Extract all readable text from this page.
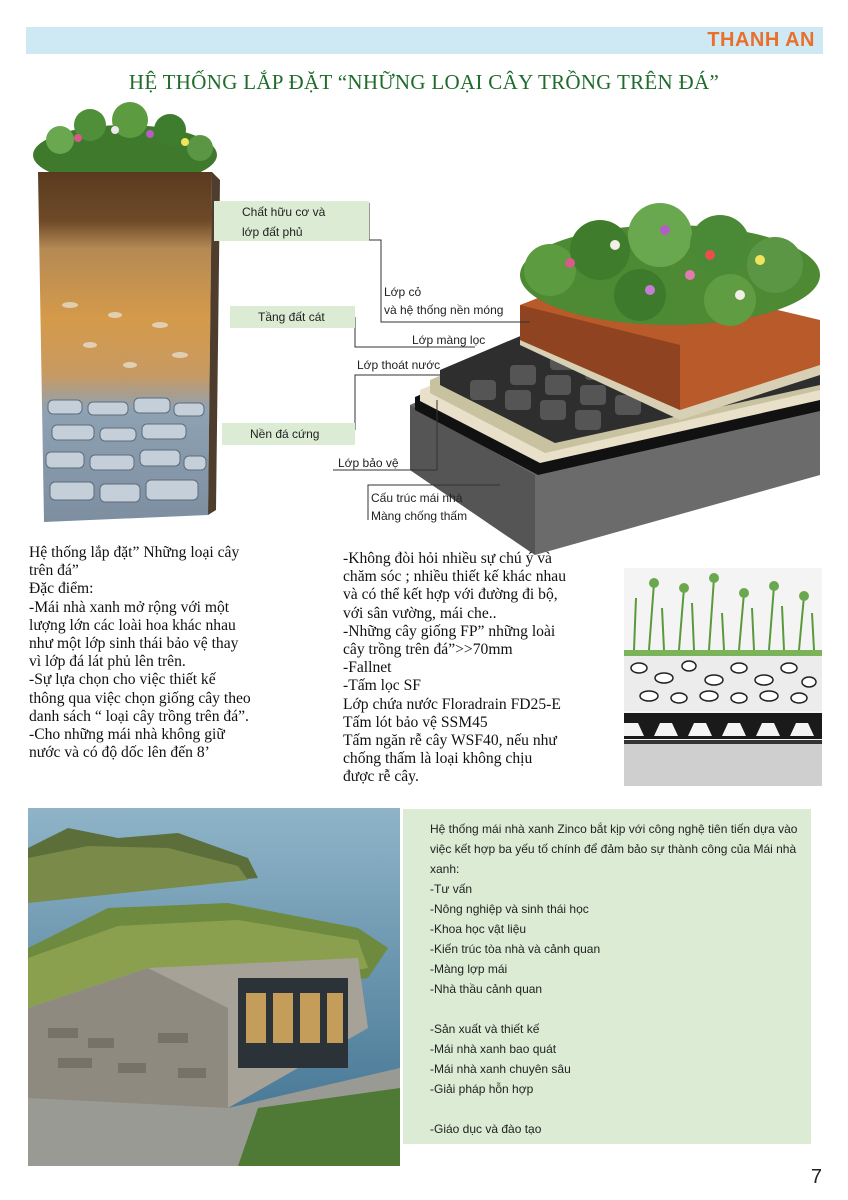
THANH AN
HỆ THỐNG LẮP ĐẶT “NHỮNG LOẠI CÂY TRỒNG TRÊN ĐÁ”
Chất hữu cơ và
lớp đất phủ
Tầng đất cát
Nền đá cứng
Lớp cỏ
và hệ thống nền móng
Lớp màng lọc
Lớp thoát nước
Lớp bảo vệ
Cấu trúc mái nhà
Màng chống thấm
Hệ thống lắp đặt” Những loại cây
trên đá”
Đặc điểm:
-Mái nhà xanh mở rộng với một
lượng lớn các loài hoa khác nhau
như một lớp sinh thái bảo vệ thay
vì lớp đá lát phủ lên trên.
-Sự lựa chọn cho việc thiết kế
thông qua việc chọn giống cây theo
danh sách “ loại cây trồng trên đá”.
-Cho những mái nhà không giữ
nước và có độ dốc lên đến 8’
-Không đòi hỏi nhiều sự chú ý và
chăm sóc ; nhiều thiết kế khác nhau
và có thể kết hợp với đường đi bộ,
với sân vường, mái che..
-Những cây giống FP” những loài
cây trồng trên đá”>>70mm
-Fallnet
-Tấm lọc SF
Lớp chứa nước Floradrain FD25-E
Tấm lót bảo vệ SSM45
Tấm ngăn rễ cây WSF40, nếu như
chống thấm là loại không chịu
được rễ cây.
Hệ thống mái nhà xanh Zinco bắt kịp với công nghệ tiên tiến dựa vào việc kết hợp ba yếu tố chính để đảm bảo sự thành công của Mái nhà xanh:
-Tư vấn
-Nông nghiệp và sinh thái học
-Khoa học vật liệu
-Kiến trúc tòa nhà và cảnh quan
-Màng lợp mái
-Nhà thầu cảnh quan
-Sản xuất và thiết kế
-Mái nhà xanh bao quát
-Mái nhà xanh chuyên sâu
-Giải pháp hỗn hợp
-Giáo dục và đào tạo
7
